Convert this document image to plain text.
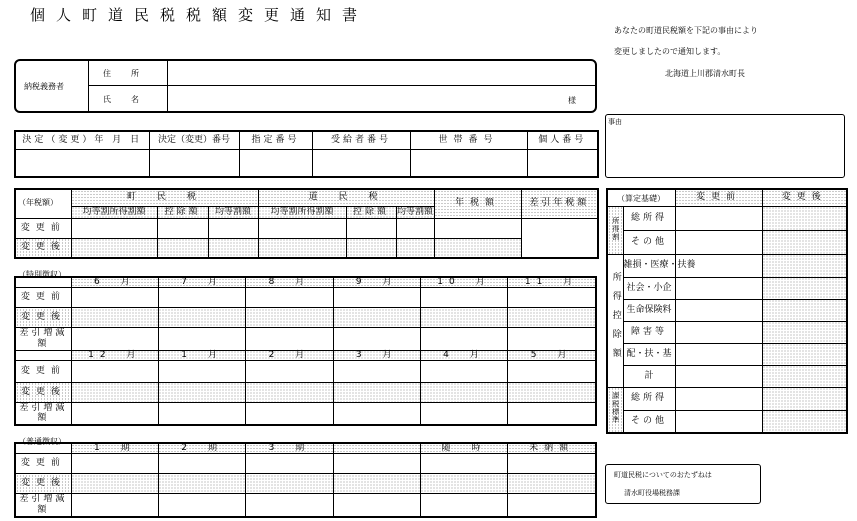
個人町道民税税額変更通知書
あなたの町道民税額を下記の事由により
変更しましたので通知します。
北海道上川郡清水町長
納税義務者
住　所
氏　名	様
事由
決定（変更）年 月 日	決定（変更）番号	指定番号	受給者番号	世帯番号	個人番号

（年税額）
	町　民　税			道　民　税			年税額	差引年税額
	均等割所得割額	控除額	均等割額	均等割所得割額	控除額	均等割額		
変更前								
変更後								
（特別徴収）
	6　月	7　月	8　月	9　月	10　月	11　月
変更前						
変更後						
差引増減額						
	12　月	1　月	2　月	3　月	4　月	5　月
変更前						
変更後						
差引増減額						
（普通徴収）
	1　期	2　期	3　期		随　時	未納額
変更前						
変更後						
差引増減額						
（算定基礎）
		変更前	変更後
所得割	総所得		
	その他		
所得控除額	雑損・医療・扶養		
	社会・小企		
	生命保険料		
	障害等		
	配・扶・基		
	計		
課税標準	総所得		
	その他		
町道民税についてのおたずねは
清水町役場税務課
